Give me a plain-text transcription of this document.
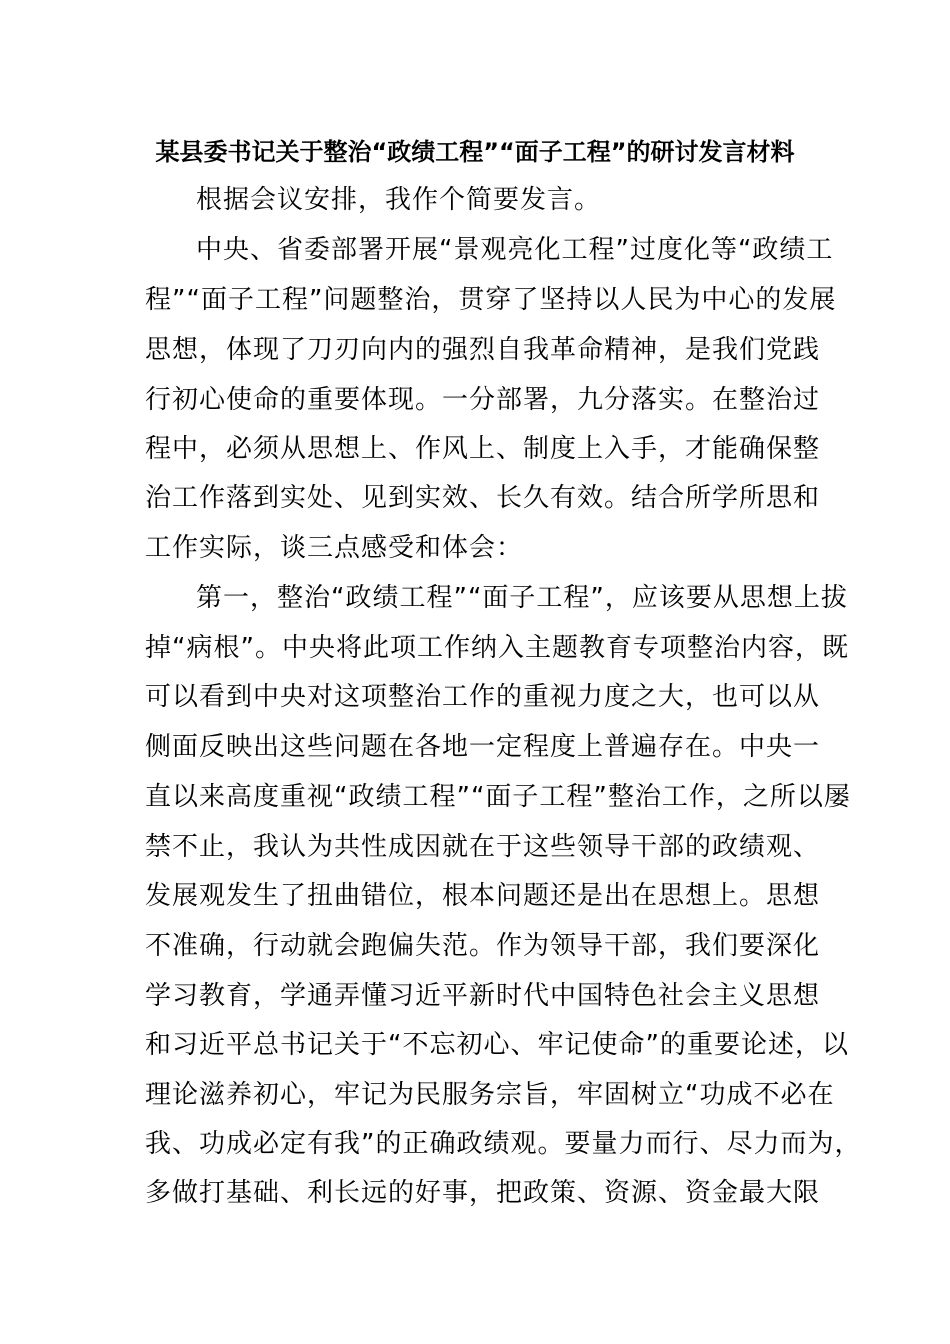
某县委书记关于整治“政绩工程”“面子工程”的研讨发言材料

根据会议安排，我作个简要发言。

中央、省委部署开展“景观亮化工程”过度化等“政绩工

程”“面子工程”问题整治，贯穿了坚持以人民为中心的发展

思想，体现了刀刃向内的强烈自我革命精神，是我们党践

行初心使命的重要体现。一分部署，九分落实。在整治过

程中，必须从思想上、作风上、制度上入手，才能确保整

治工作落到实处、见到实效、长久有效。结合所学所思和

工作实际，谈三点感受和体会：

第一，整治“政绩工程”“面子工程”，应该要从思想上拔

掉“病根”。中央将此项工作纳入主题教育专项整治内容，既

可以看到中央对这项整治工作的重视力度之大，也可以从

侧面反映出这些问题在各地一定程度上普遍存在。中央一

直以来高度重视“政绩工程”“面子工程”整治工作，之所以屡

禁不止，我认为共性成因就在于这些领导干部的政绩观、

发展观发生了扭曲错位，根本问题还是出在思想上。思想

不准确，行动就会跑偏失范。作为领导干部，我们要深化

学习教育，学通弄懂习近平新时代中国特色社会主义思想

和习近平总书记关于“不忘初心、牢记使命”的重要论述，以

理论滋养初心，牢记为民服务宗旨，牢固树立“功成不必在

我、功成必定有我”的正确政绩观。要量力而行、尽力而为，

多做打基础、利长远的好事，把政策、资源、资金最大限
